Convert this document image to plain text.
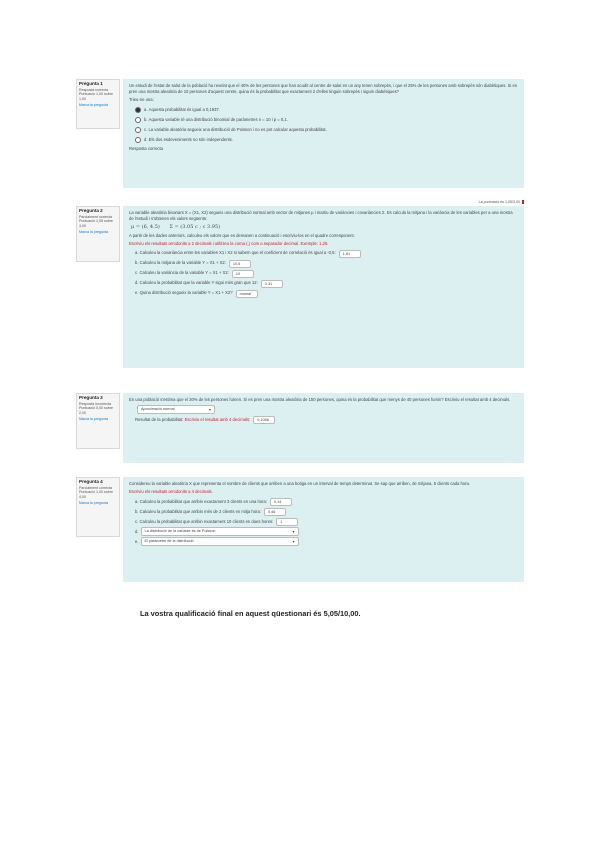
Pregunta 1
Resposta correcta
Puntuació 1,00 sobre 1,00
Marca la pregunta

Un estudi de l'estat de salut de la població ha revelat que el 40% de les persones que han acudit al centre de salut en un any tenen sobrepès, i que el 25% de les persones amb sobrepès són diabètiques. Si es pren una mostra aleatòria de 10 persones d'aquest centre, quina és la probabilitat que exactament 2 d'elles tinguin sobrepès i siguin diabètiques?

Trieu-ne una:

a.
Aquesta probabilitat és igual a 0,1937.
b.
Aquesta variable té una distribució binomial de paràmetres n = 10 i p = 0,1.
c.
La variable aleatòria segueix una distribució de Poisson i no es pot calcular aquesta probabilitat.
d.
Els dos esdeveniments no són independents.

Resposta correcta

La puntuació és 1,05/3,00
Pregunta 2
Parcialment correcta
Puntuació 1,05 sobre 3,00
Marca la pregunta

La variable aleatòria bivariant X = (X1, X2) segueix una distribució normal amb vector de mitjanes μ i matriu de variàncies i covariàncies Σ. Es calcula la mitjana i la variància de les variables per a una mostra de l'estudi i s'obtenen els valors següents:

μ = (6, 4.5) Σ = (3.05 c ; c 3.95)

A partir de les dades anteriors, calculeu els valors que es demanen a continuació i escriviu-los en el quadre corresponent.

Escriviu els resultats arrodonits a 2 decimals i utilitzeu la coma (,) com a separador decimal. Exemple: 1,25.

a.
Calculeu la covariància entre les variables X1 i X2 si sabem que el coeficient de correlació és igual a -0,5:	1,81
b.
Calculeu la mitjana de la variable Y = X1 + X2:	10,5
c.
Calculeu la variància de la variable Y = X1 + X2:	10
d.
Calculeu la probabilitat que la variable Y sigui més gran que 12:	0,31
e.
Quina distribució segueix la variable Y = X1 + X2?	normal
Pregunta 3
Resposta incorrecta
Puntuació 0,00 sobre 2,00
Marca la pregunta

En una població s'estima que el 30% de les persones fumen. Si es pren una mostra aleatòria de 150 persones, quina és la probabilitat que menys de 40 persones fumin? Escriviu el resultat amb 4 decimals.

Aproximació normal	▾
Resultat de la probabilitat:
Escriviu el resultat amb 4 decimals:	0,1056
Pregunta 4
Parcialment correcta
Puntuació 1,00 sobre 4,00
Marca la pregunta

Considereu la variable aleatòria X que representa el nombre de clients que arriben a una botiga en un interval de temps determinat. Se sap que arriben, de mitjana, 5 clients cada hora.

Escriviu els resultats arrodonits a 4 decimals.

a.
Calculeu la probabilitat que arribin exactament 3 clients en una hora:	0,14
b.
Calculeu la probabilitat que arribin més de 2 clients en mitja hora:	0,46
c.
Calculeu la probabilitat que arribin exactament 10 clients en dues hores:	1
d.	La distribució de la variable és de Poisson	▾
e.	El paràmetre de la distribució	▾
La vostra qualificació final en aquest qüestionari és 5,05/10,00.
